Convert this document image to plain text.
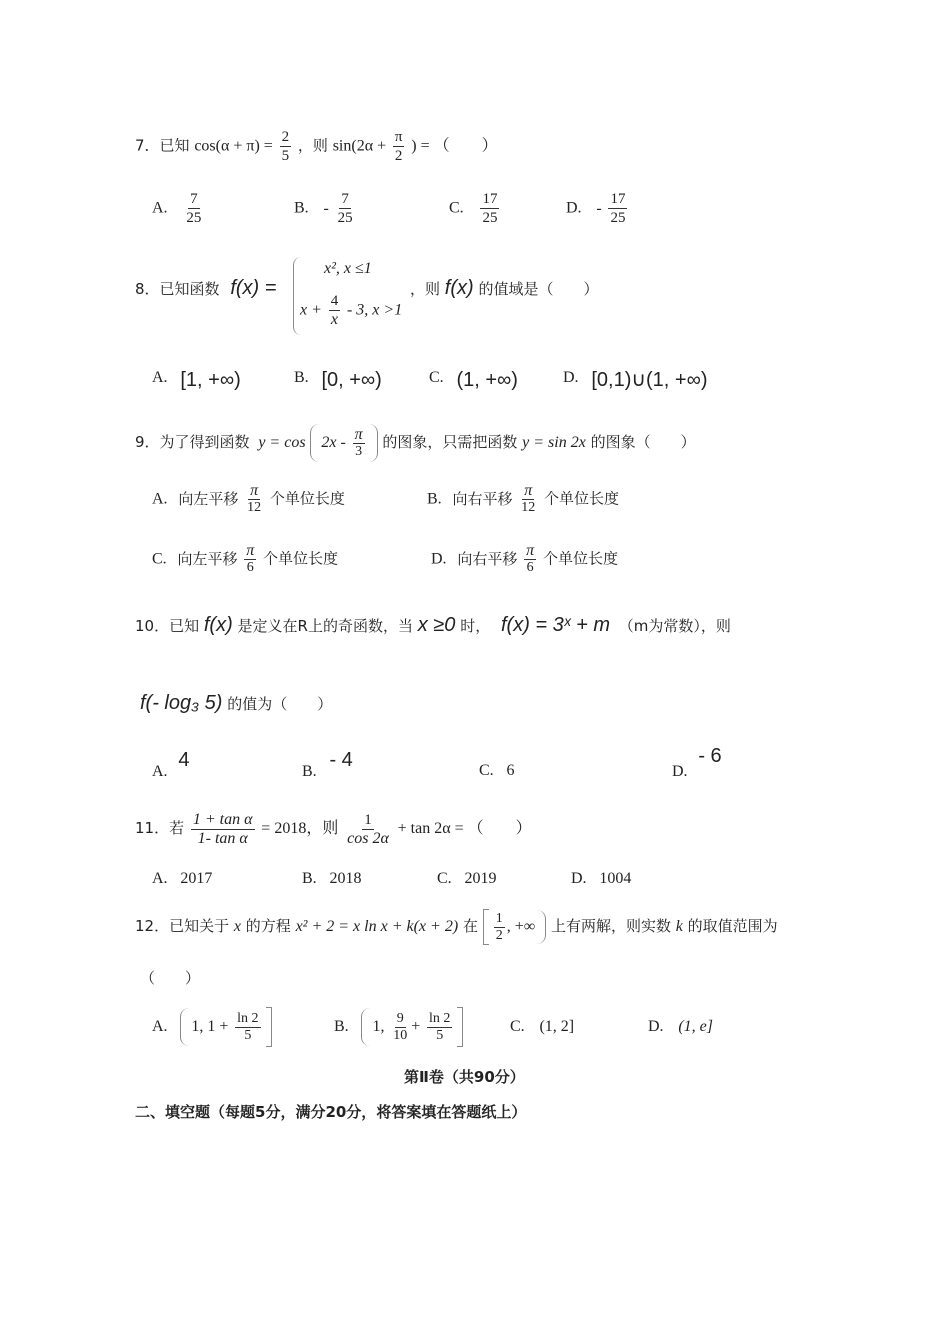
7．已知 $\cos(\alpha + \pi) = \frac{2}{5}$ ，则 $\sin(2\alpha + \frac{\pi}{2}$ ) = （　　）
A. $\frac{7}{25}$	B. - $\frac{7}{25}$	C. $\frac{17}{25}$	D. - $\frac{17}{25}$
8．已知函数 f(x) =
x², x ≤1
$x + \frac{4}{x} - 3$, x >1
，则 f(x) 的值域是（　　）
A. [1, +∞)	B. [0, +∞)	C. (1, +∞)	D. [0,1)∪(1, +∞)
9．为了得到函数 $y = \cos 2x - \frac{\pi}{3}$ 的图象，只需把函数 y = sin 2x 的图象（　　）
A. 向左平移 $\frac{\pi}{12}$ 个单位长度	B. 向右平移 $\frac{\pi}{12}$ 个单位长度
C. 向左平移 $\frac{\pi}{6}$ 个单位长度	D. 向右平移 $\frac{\pi}{6}$ 个单位长度
10．已知 f(x) 是定义在R上的奇函数，当 x ≥0 时， f(x) = 3ˣ + m （m为常数），则
f(- log₃ 5) 的值为（　　）
A. 4
B. - 4	C. 6	D. - 6
11．若 $\frac{\text{1 + tan α}}{\text{1- tan α}} = 2018$，则 $\frac{1}{\cos 2\alpha} + \tan 2\alpha$ = （　　）
A. 2017	B. 2018	C. 2019	D. 1004
12．已知关于 x 的方程 x² + 2 = x ln x + k(x + 2) 在 $\frac{1}{2}$ , +∞ 上有两解，则实数 k 的取值范围为
（　　）
A. 1, $1 + \frac{\ln 2}{5}$	B. 1, $\frac{9}{10} + \frac{\ln 2}{5}$	C. (1, 2]	D. (1, e]
第Ⅱ卷（共90分）
二、填空题（每题5分，满分20分，将答案填在答题纸上）
